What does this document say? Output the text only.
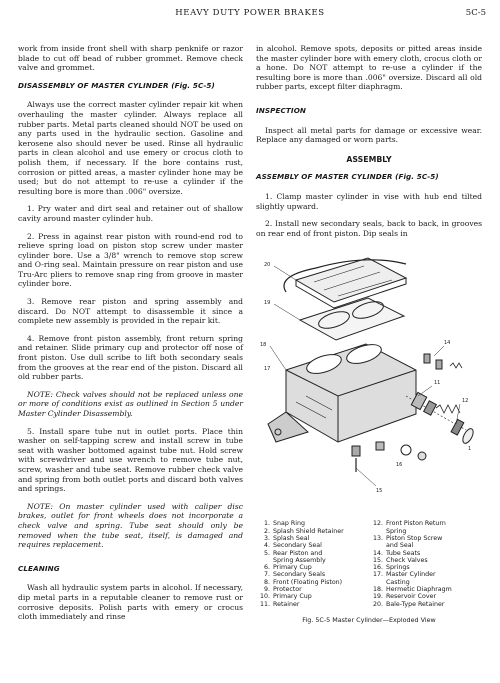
HEAVY DUTY POWER BRAKES	5C-5

work from inside front shell with sharp penknife or razor blade to cut off bead of rubber grommet. Remove check valve and grommet.

DISASSEMBLY OF MASTER CYLINDER (Fig. 5C-5)

Always use the correct master cylinder repair kit when overhauling the master cylinder. Always replace all rubber parts. Metal parts cleaned should NOT be used on any parts used in the hydraulic section. Gasoline and kerosene also should never be used. Rinse all hydraulic parts in clean alcohol and use emery or crocus cloth to polish them, if necessary. If the bore contains rust, corrosion or pitted areas, a master cylinder hone may be used; but do not attempt to re-use a cylinder if the resulting bore is more than .006" oversize.

1. Pry water and dirt seal and retainer out of shallow cavity around master cylinder hub.

2. Press in against rear piston with round-end rod to relieve spring load on piston stop screw under master cylinder bore. Use a 3/8" wrench to remove stop screw and O-ring seal. Maintain pressure on rear piston and use Tru-Arc pliers to remove snap ring from groove in master cylinder bore.

3. Remove rear piston and spring assembly and discard. Do NOT attempt to disassemble it since a complete new assembly is provided in the repair kit.

4. Remove front piston assembly, front return spring and retainer. Slide primary cup and protector off nose of front piston. Use dull scribe to lift both secondary seals from the grooves at the rear end of the piston. Discard all old rubber parts.

NOTE: Check valves should not be replaced unless one or more of conditions exist as outlined in Section 5 under Master Cylinder Disassembly.

5. Install spare tube nut in outlet ports. Place thin washer on self-tapping screw and install screw in tube seat with washer bottomed against tube nut. Hold screw with screwdriver and use wrench to remove tube nut, screw, washer and tube seat. Remove rubber check valve and spring from both outlet ports and discard both valves and springs.

NOTE: On master cylinder used with caliper disc brakes, outlet for front wheels does not incorporate a check valve and spring. Tube seat should only be removed when the tube seat, itself, is damaged and requires replacement.

CLEANING

Wash all hydraulic system parts in alcohol. If necessary, dip metal parts in a reputable cleaner to remove rust or corrosive deposits. Polish parts with emery or crocus cloth immediately and rinse

in alcohol. Remove spots, deposits or pitted areas inside the master cylinder bore with emery cloth, crocus cloth or a hone. Do NOT attempt to re-use a cylinder if the resulting bore is more than .006" oversize. Discard all old rubber parts, except filter diaphragm.

INSPECTION

Inspect all metal parts for damage or excessive wear. Replace any damaged or worn parts.

ASSEMBLY
ASSEMBLY OF MASTER CYLINDER (Fig. 5C-5)

1. Clamp master cylinder in vise with hub end tilted slightly upward.

2. Install new secondary seals, back to back, in grooves on rear end of front piston. Dip seals in

20
19
18
17
11
12
14
15
16
1
1. Snap Ring
2. Splash Shield Retainer
3. Splash Seal
4. Secondary Seal
5. Rear Piston and
Spring Assembly
6. Primary Cup
7. Secondary Seals
8. Front (Floating Piston)
9. Protector
10. Primary Cup
11. Retainer
12. Front Piston Return
Spring
13. Piston Stop Screw
and Seal
14. Tube Seats
15. Check Valves
16. Springs
17. Master Cylinder
Casting
18. Hermetic Diaphragm
19. Reservoir Cover
20. Bale-Type Retainer
Fig. 5C-5 Master Cylinder—Exploded View
